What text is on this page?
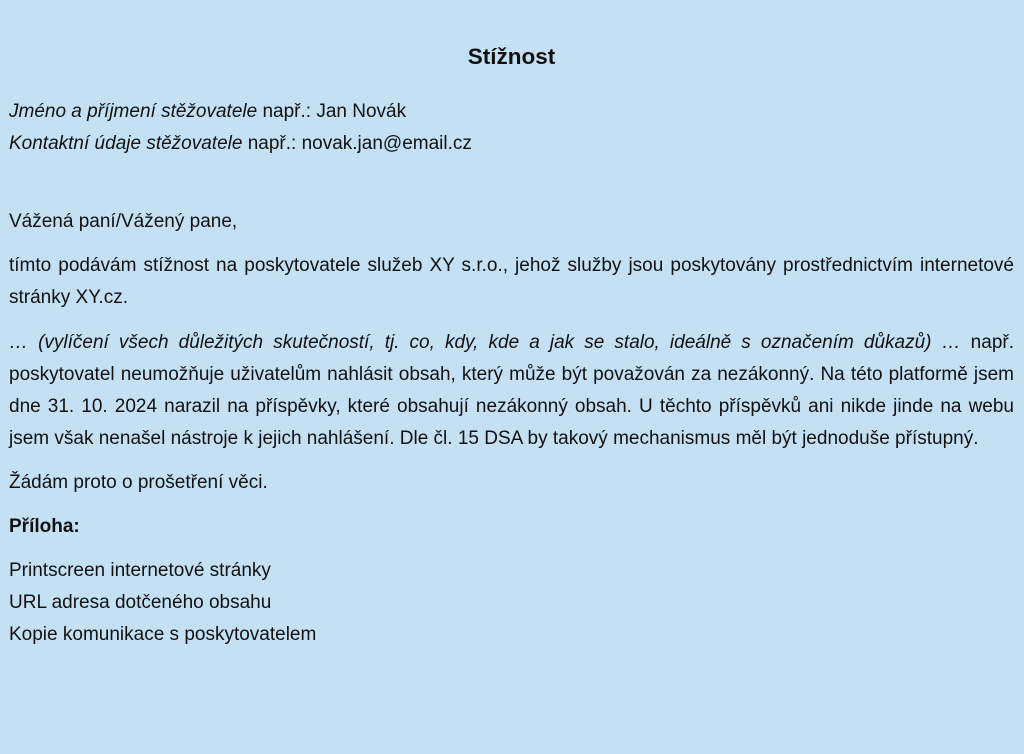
Stížnost
Jméno a příjmení stěžovatele např.: Jan Novák
Kontaktní údaje stěžovatele např.: novak.jan@email.cz

Vážená paní/Vážený pane,

tímto podávám stížnost na poskytovatele služeb XY s.r.o., jehož služby jsou poskytovány prostřednictvím internetové stránky XY.cz.

… (vylíčení všech důležitých skutečností, tj. co, kdy, kde a jak se stalo, ideálně s označením důkazů) … např. poskytovatel neumožňuje uživatelům nahlásit obsah, který může být považován za nezákonný. Na této platformě jsem dne 31. 10. 2024 narazil na příspěvky, které obsahují nezákonný obsah. U těchto příspěvků ani nikde jinde na webu jsem však nenašel nástroje k jejich nahlášení. Dle čl. 15 DSA by takový mechanismus měl být jednoduše přístupný.

Žádám proto o prošetření věci.

Příloha:

Printscreen internetové stránky
URL adresa dotčeného obsahu
Kopie komunikace s poskytovatelem
